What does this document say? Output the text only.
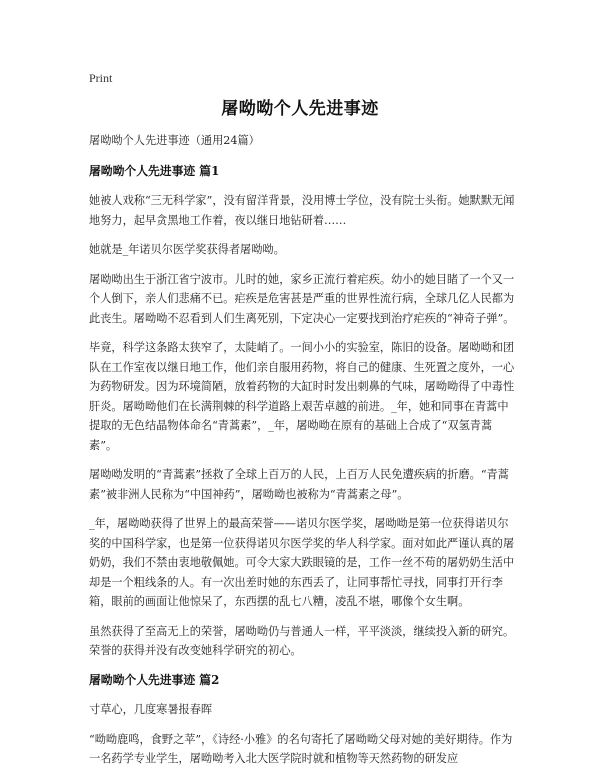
Print
屠呦呦个人先进事迹

屠呦呦个人先进事迹（通用24篇）

屠呦呦个人先进事迹 篇1

她被人戏称“三无科学家”，没有留洋背景，没用博士学位，没有院士头衔。她默默无闻地努力，起早贪黑地工作着，夜以继日地钻研着……

她就是_年诺贝尔医学奖获得者屠呦呦。

屠呦呦出生于浙江省宁波市。儿时的她，家乡正流行着疟疾。幼小的她目睹了一个又一个人倒下，亲人们悲痛不已。疟疾是危害甚是严重的世界性流行病，全球几亿人民都为此丧生。屠呦呦不忍看到人们生离死别，下定决心一定要找到治疗疟疾的“神奇子弹”。

毕竟，科学这条路太狭窄了，太陡峭了。一间小小的实验室，陈旧的设备。屠呦呦和团队在工作室夜以继日地工作，他们亲自服用药物，将自己的健康、生死置之度外，一心为药物研发。因为环境简陋，放着药物的大缸时时发出刺鼻的气味，屠呦呦得了中毒性肝炎。屠呦呦他们在长满荆棘的科学道路上艰苦卓越的前进。_年，她和同事在青蒿中提取的无色结晶物体命名“青蒿素”，_年，屠呦呦在原有的基础上合成了“双氢青蒿素”。

屠呦呦发明的“青蒿素”拯救了全球上百万的人民，上百万人民免遭疾病的折磨。“青蒿素”被非洲人民称为“中国神药”，屠呦呦也被称为“青蒿素之母”。

_年，屠呦呦获得了世界上的最高荣誉——诺贝尔医学奖，屠呦呦是第一位获得诺贝尔奖的中国科学家，也是第一位获得诺贝尔医学奖的华人科学家。面对如此严谨认真的屠奶奶，我们不禁由衷地敬佩她。可令大家大跌眼镜的是，工作一丝不苟的屠奶奶生活中却是一个粗线条的人。有一次出差时她的东西丢了，让同事帮忙寻找，同事打开行李箱，眼前的画面让他惊呆了，东西摆的乱七八糟，凌乱不堪，哪像个女生啊。

虽然获得了至高无上的荣誉，屠呦呦仍与普通人一样，平平淡淡，继续投入新的研究。荣誉的获得并没有改变她科学研究的初心。

屠呦呦个人先进事迹 篇2

寸草心，几度寒暑报春晖

“呦呦鹿鸣，食野之苹”，《诗经·小雅》的名句寄托了屠呦呦父母对她的美好期待。作为一名药学专业学生，屠呦呦考入北大医学院时就和植物等天然药物的研发应
